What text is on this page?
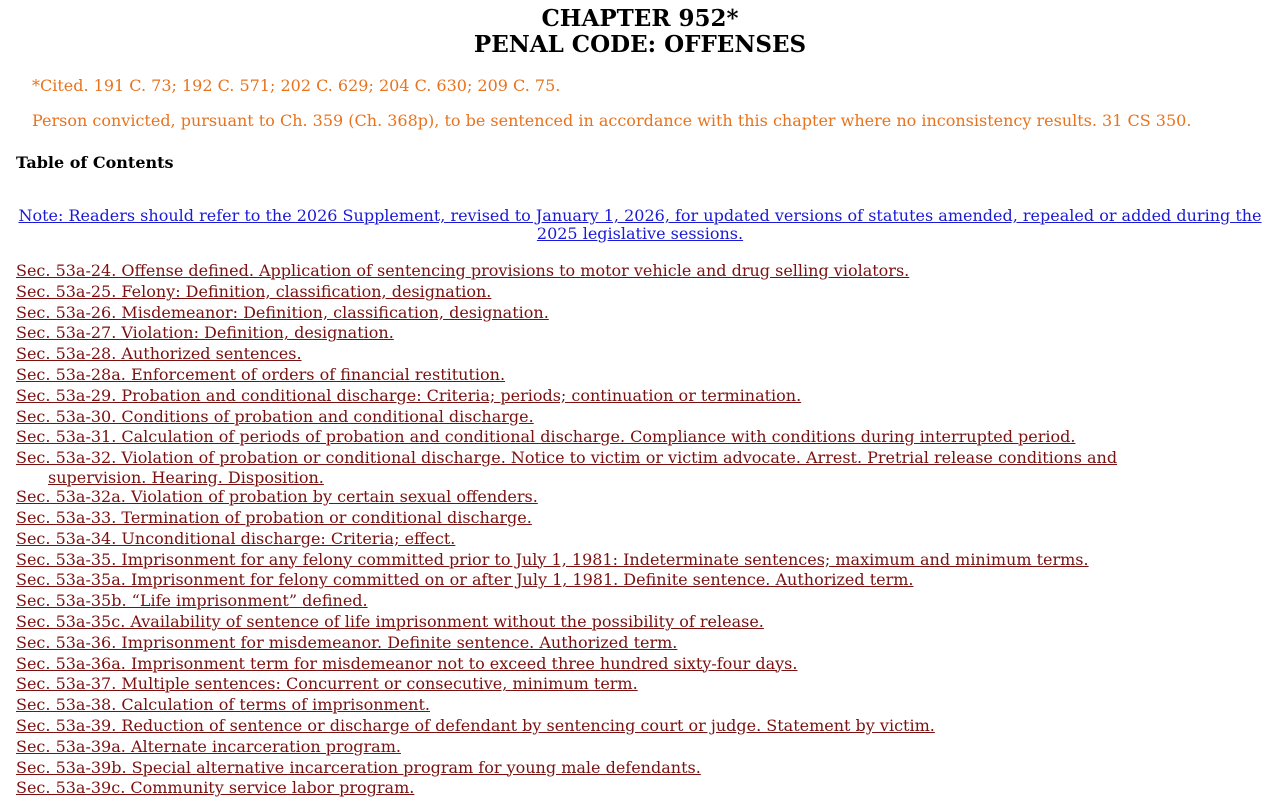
CHAPTER 952*
PENAL CODE: OFFENSES
*Cited. 191 C. 73; 192 C. 571; 202 C. 629; 204 C. 630; 209 C. 75.
Person convicted, pursuant to Ch. 359 (Ch. 368p), to be sentenced in accordance with this chapter where no inconsistency results. 31 CS 350.
Table of Contents
Note: Readers should refer to the 2026 Supplement, revised to January 1, 2026, for updated versions of statutes amended, repealed or added during the 2025 legislative sessions.
Sec. 53a-24. Offense defined. Application of sentencing provisions to motor vehicle and drug selling violators.
Sec. 53a-25. Felony: Definition, classification, designation.
Sec. 53a-26. Misdemeanor: Definition, classification, designation.
Sec. 53a-27. Violation: Definition, designation.
Sec. 53a-28. Authorized sentences.
Sec. 53a-28a. Enforcement of orders of financial restitution.
Sec. 53a-29. Probation and conditional discharge: Criteria; periods; continuation or termination.
Sec. 53a-30. Conditions of probation and conditional discharge.
Sec. 53a-31. Calculation of periods of probation and conditional discharge. Compliance with conditions during interrupted period.
Sec. 53a-32. Violation of probation or conditional discharge. Notice to victim or victim advocate. Arrest. Pretrial release conditions and supervision. Hearing. Disposition.
Sec. 53a-32a. Violation of probation by certain sexual offenders.
Sec. 53a-33. Termination of probation or conditional discharge.
Sec. 53a-34. Unconditional discharge: Criteria; effect.
Sec. 53a-35. Imprisonment for any felony committed prior to July 1, 1981: Indeterminate sentences; maximum and minimum terms.
Sec. 53a-35a. Imprisonment for felony committed on or after July 1, 1981. Definite sentence. Authorized term.
Sec. 53a-35b. “Life imprisonment” defined.
Sec. 53a-35c. Availability of sentence of life imprisonment without the possibility of release.
Sec. 53a-36. Imprisonment for misdemeanor. Definite sentence. Authorized term.
Sec. 53a-36a. Imprisonment term for misdemeanor not to exceed three hundred sixty-four days.
Sec. 53a-37. Multiple sentences: Concurrent or consecutive, minimum term.
Sec. 53a-38. Calculation of terms of imprisonment.
Sec. 53a-39. Reduction of sentence or discharge of defendant by sentencing court or judge. Statement by victim.
Sec. 53a-39a. Alternate incarceration program.
Sec. 53a-39b. Special alternative incarceration program for young male defendants.
Sec. 53a-39c. Community service labor program.
